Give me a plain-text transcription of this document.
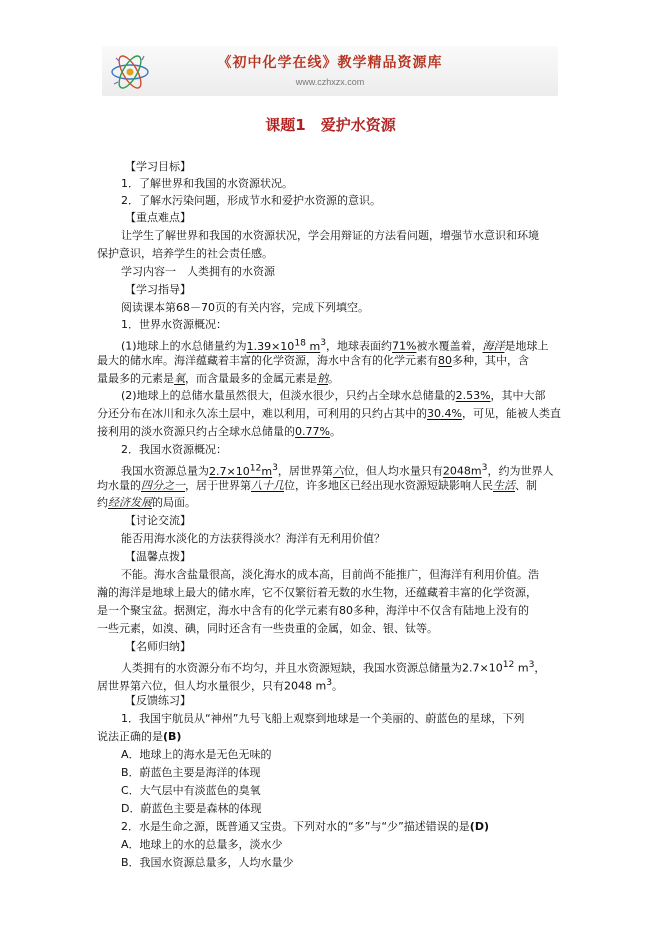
《初中化学在线》教学精品资源库
www.czhxzx.com
课题1　爱护水资源
【学习目标】
1．了解世界和我国的水资源状况。
2．了解水污染问题，形成节水和爱护水资源的意识。
【重点难点】
让学生了解世界和我国的水资源状况，学会用辩证的方法看问题，增强节水意识和环境
保护意识，培养学生的社会责任感。
学习内容一　人类拥有的水资源
【学习指导】
阅读课本第68－70页的有关内容，完成下列填空。
1．世界水资源概况：
(1)地球上的水总储量约为$1.39\times 10^{18}$ $m^3$，地球表面约71%被水覆盖着，海洋是地球上
最大的储水库。海洋蕴藏着丰富的化学资源，海水中含有的化学元素有80多种，其中，含
量最多的元素是氧，而含量最多的金属元素是钠。
(2)地球上的总储水量虽然很大，但淡水很少，只约占全球水总储量的2.53%，其中大部
分还分布在冰川和永久冻土层中，难以利用，可利用的只约占其中的30.4%，可见，能被人类直
接利用的淡水资源只约占全球水总储量的0.77%。
2．我国水资源概况：
我国水资源总量为$2.7\times 10^{12}m^3$，居世界第六位，但人均水量只有$2048m^3$，约为世界人
均水量的四分之一，居于世界第八十几位，许多地区已经出现水资源短缺影响人民生活、制
约经济发展的局面。
【讨论交流】
能否用海水淡化的方法获得淡水？海洋有无利用价值？
【温馨点拨】
不能。海水含盐量很高，淡化海水的成本高，目前尚不能推广，但海洋有利用价值。浩
瀚的海洋是地球上最大的储水库，它不仅繁衍着无数的水生物，还蕴藏着丰富的化学资源，
是一个聚宝盆。据测定，海水中含有的化学元素有80多种，海洋中不仅含有陆地上没有的
一些元素，如溴、碘，同时还含有一些贵重的金属，如金、银、钛等。
【名师归纳】
人类拥有的水资源分布不均匀，并且水资源短缺，我国水资源总储量为$2.7\times 10^{12}$ $m^3$，
居世界第六位，但人均水量很少，只有2048 $m^3$。
【反馈练习】
1．我国宇航员从“神州”九号飞船上观察到地球是一个美丽的、蔚蓝色的星球，下列
说法正确的是(B)
A．地球上的海水是无色无味的
B．蔚蓝色主要是海洋的体现
C．大气层中有淡蓝色的臭氧
D．蔚蓝色主要是森林的体现
2．水是生命之源，既普通又宝贵。下列对水的“多”与“少”描述错误的是(D)
A．地球上的水的总量多，淡水少
B．我国水资源总量多，人均水量少
